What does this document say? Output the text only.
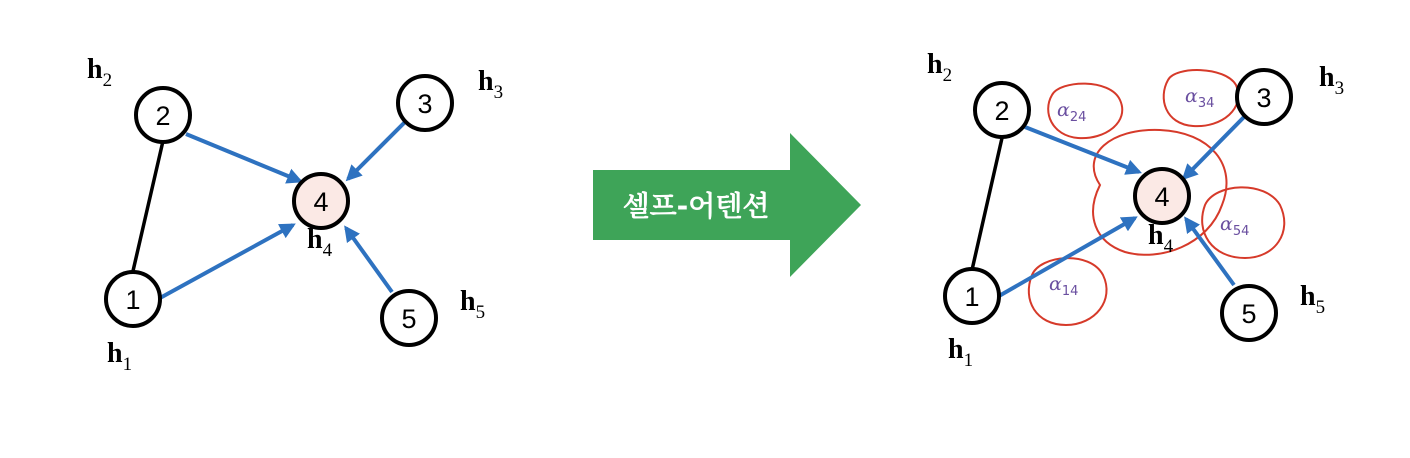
1
2	3
4
5
$h_1$
$h_2$	$h_3$
$h_4$
$h_5$
셀프-어텐션
1
2	3
4
5
$h_1$
$h_2$	$h_3$
$h_4$
$h_5$
$\alpha_{24}$
$\alpha_{34}$
$\alpha_{14}$
$\alpha_{54}$
